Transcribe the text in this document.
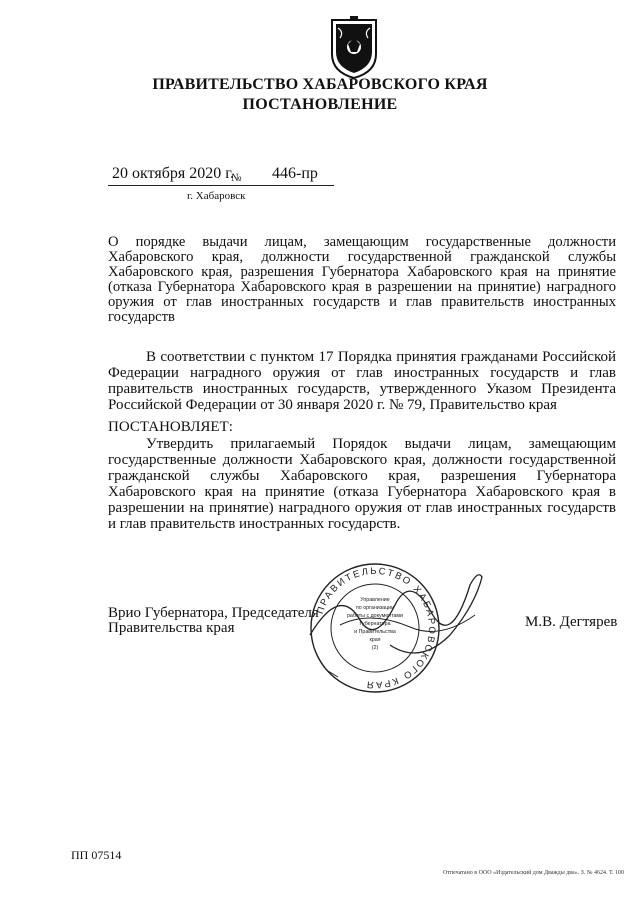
ПРАВИТЕЛЬСТВО ХАБАРОВСКОГО КРАЯ
ПОСТАНОВЛЕНИЕ
20 октября 2020 г.
№ 446-пр
г. Хабаровск
О порядке выдачи лицам, замещающим государственные должности Хабаровского края, должности государственной гражданской службы Хабаровского края, разрешения Губернатора Хабаровского края на принятие (отказа Губернатора Хабаровского края в разрешении на принятие) наградного оружия от глав иностранных государств и глав правительств иностранных государств
В соответствии с пунктом 17 Порядка принятия гражданами Российской Федерации наградного оружия от глав иностранных государств и глав правительств иностранных государств, утвержденного Указом Президента Российской Федерации от 30 января 2020 г. № 79, Правительство края
ПОСТАНОВЛЯЕТ:
Утвердить прилагаемый Порядок выдачи лицам, замещающим государственные должности Хабаровского края, должности государственной гражданской службы Хабаровского края, разрешения Губернатора Хабаровского края на принятие (отказа Губернатора Хабаровского края в разрешении на принятие) наградного оружия от глав иностранных государств и глав правительств иностранных государств.
ПРАВИТЕЛЬСТВО ХАБАРОВСКОГО КРАЯ
Управление
по организации
работы с документами
Губернатора
и Правительства
края
(2)
Врио Губернатора, Председателя
Правительства края	М.В. Дегтярев
ПП 07514
Отпечатано в ООО «Издательский дом Дважды два». З. № 4624. Т. 100
